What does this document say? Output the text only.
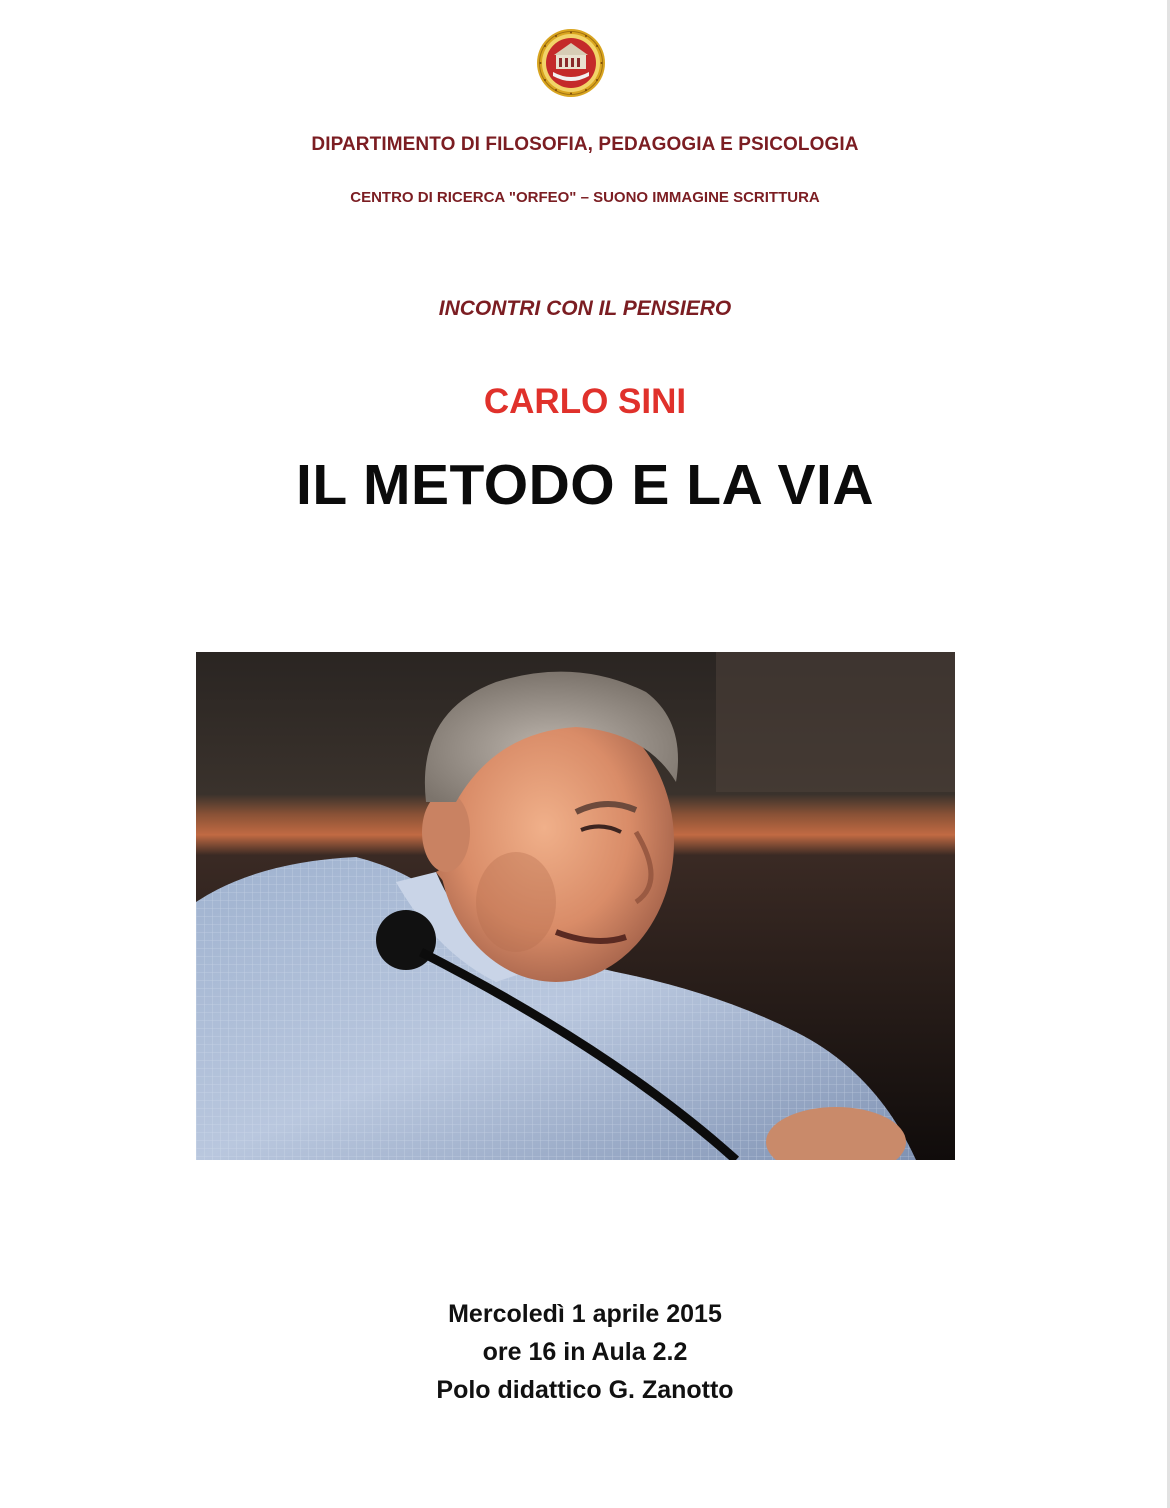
DIPARTIMENTO DI FILOSOFIA, PEDAGOGIA E PSICOLOGIA
CENTRO DI RICERCA "ORFEO" – SUONO IMMAGINE SCRITTURA
INCONTRI CON IL PENSIERO
CARLO SINI
IL METODO E LA VIA
Mercoledì 1 aprile 2015
ore 16 in Aula 2.2
Polo didattico G. Zanotto
